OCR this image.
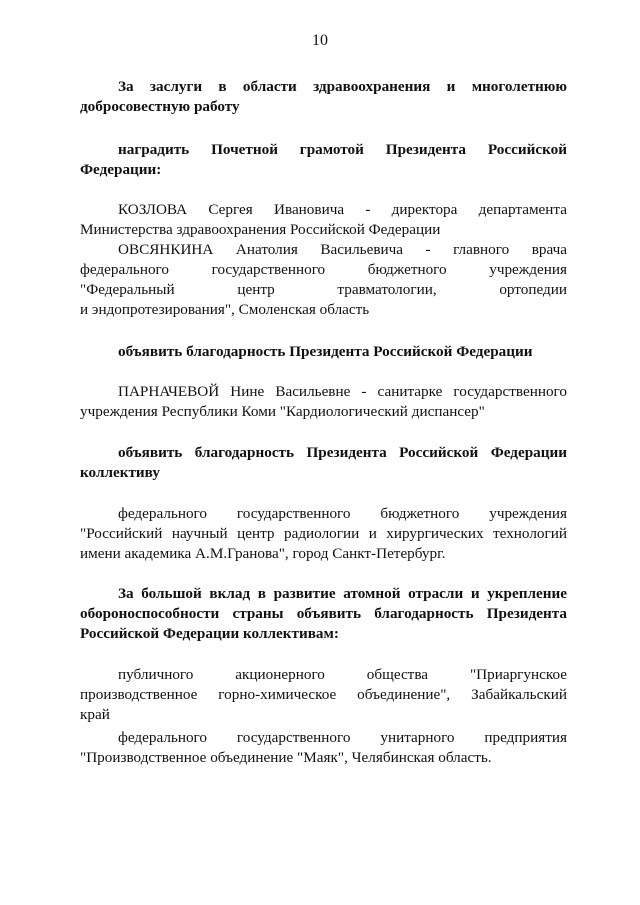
10
За заслуги в области здравоохранения и многолетнюю
добросовестную работу
наградить Почетной грамотой Президента Российской
Федерации:
КОЗЛОВА Сергея Ивановича - директора департамента
Министерства здравоохранения Российской Федерации
ОВСЯНКИНА Анатолия Васильевича - главного врача
федерального государственного бюджетного учреждения
"Федеральный центр травматологии, ортопедии
и эндопротезирования", Смоленская область
объявить благодарность Президента Российской Федерации
ПАРНАЧЕВОЙ Нине Васильевне - санитарке государственного
учреждения Республики Коми "Кардиологический диспансер"
объявить благодарность Президента Российской Федерации
коллективу
федерального государственного бюджетного учреждения
"Российский научный центр радиологии и хирургических технологий
имени академика А.М.Гранова", город Санкт-Петербург.
За большой вклад в развитие атомной отрасли и укрепление
обороноспособности страны объявить благодарность Президента
Российской Федерации коллективам:
публичного акционерного общества "Приаргунское
производственное горно-химическое объединение", Забайкальский
край
федерального государственного унитарного предприятия
"Производственное объединение "Маяк", Челябинская область.
